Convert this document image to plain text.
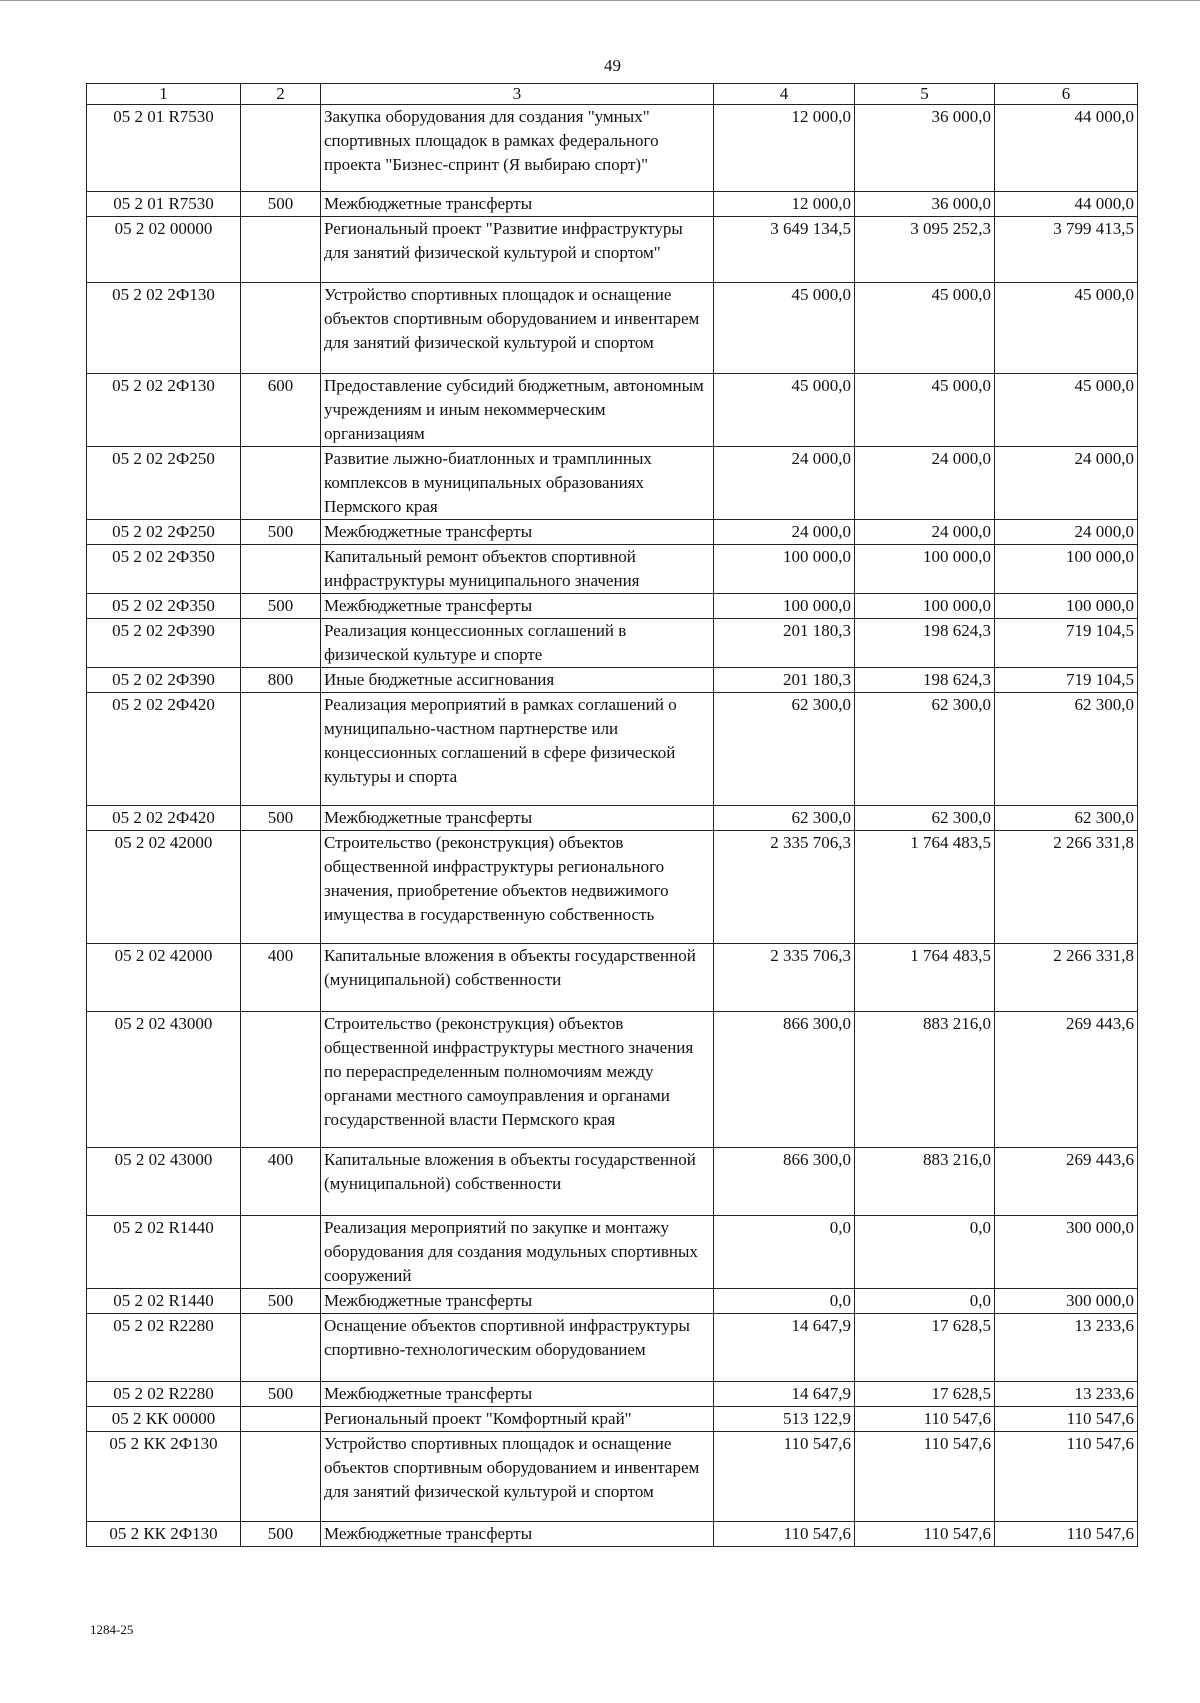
49
1	2	3	4	5	6
05 2 01 R7530		Закупка оборудования для создания "умных" спортивных площадок в рамках федерального проекта "Бизнес-спринт (Я выбираю спорт)"	12 000,0	36 000,0	44 000,0
05 2 01 R7530	500	Межбюджетные трансферты	12 000,0	36 000,0	44 000,0
05 2 02 00000		Региональный проект "Развитие инфраструктуры для занятий физической культурой и спортом"	3 649 134,5	3 095 252,3	3 799 413,5
05 2 02 2Ф130		Устройство спортивных площадок и оснащение объектов спортивным оборудованием и инвентарем для занятий физической культурой и спортом	45 000,0	45 000,0	45 000,0
05 2 02 2Ф130	600	Предоставление субсидий бюджетным, автономным учреждениям и иным некоммерческим организациям	45 000,0	45 000,0	45 000,0
05 2 02 2Ф250		Развитие лыжно-биатлонных и трамплинных комплексов в муниципальных образованиях Пермского края	24 000,0	24 000,0	24 000,0
05 2 02 2Ф250	500	Межбюджетные трансферты	24 000,0	24 000,0	24 000,0
05 2 02 2Ф350		Капитальный ремонт объектов спортивной инфраструктуры муниципального значения	100 000,0	100 000,0	100 000,0
05 2 02 2Ф350	500	Межбюджетные трансферты	100 000,0	100 000,0	100 000,0
05 2 02 2Ф390		Реализация концессионных соглашений в физической культуре и спорте	201 180,3	198 624,3	719 104,5
05 2 02 2Ф390	800	Иные бюджетные ассигнования	201 180,3	198 624,3	719 104,5
05 2 02 2Ф420		Реализация мероприятий в рамках соглашений о муниципально-частном партнерстве или концессионных соглашений в сфере физической культуры и спорта	62 300,0	62 300,0	62 300,0
05 2 02 2Ф420	500	Межбюджетные трансферты	62 300,0	62 300,0	62 300,0
05 2 02 42000		Строительство (реконструкция) объектов общественной инфраструктуры регионального значения, приобретение объектов недвижимого имущества в государственную собственность	2 335 706,3	1 764 483,5	2 266 331,8
05 2 02 42000	400	Капитальные вложения в объекты государственной (муниципальной) собственности	2 335 706,3	1 764 483,5	2 266 331,8
05 2 02 43000		Строительство (реконструкция) объектов общественной инфраструктуры местного значения по перераспределенным полномочиям между органами местного самоуправления и органами государственной власти Пермского края	866 300,0	883 216,0	269 443,6
05 2 02 43000	400	Капитальные вложения в объекты государственной (муниципальной) собственности	866 300,0	883 216,0	269 443,6
05 2 02 R1440		Реализация мероприятий по закупке и монтажу оборудования для создания модульных спортивных сооружений	0,0	0,0	300 000,0
05 2 02 R1440	500	Межбюджетные трансферты	0,0	0,0	300 000,0
05 2 02 R2280		Оснащение объектов спортивной инфраструктуры спортивно-технологическим оборудованием	14 647,9	17 628,5	13 233,6
05 2 02 R2280	500	Межбюджетные трансферты	14 647,9	17 628,5	13 233,6
05 2 КК 00000		Региональный проект "Комфортный край"	513 122,9	110 547,6	110 547,6
05 2 КК 2Ф130		Устройство спортивных площадок и оснащение объектов спортивным оборудованием и инвентарем для занятий физической культурой и спортом	110 547,6	110 547,6	110 547,6
05 2 КК 2Ф130	500	Межбюджетные трансферты	110 547,6	110 547,6	110 547,6
1284-25
